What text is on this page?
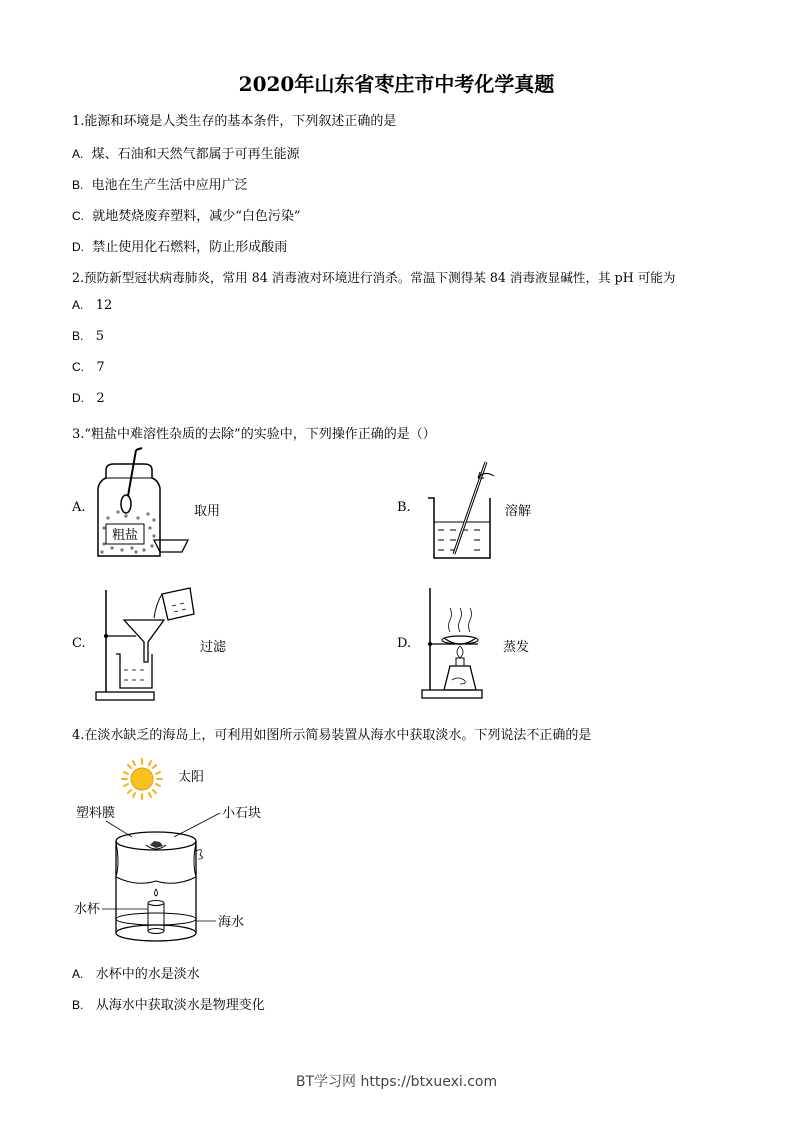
2020年山东省枣庄市中考化学真题
1.能源和环境是人类生存的基本条件，下列叙述正确的是
A. 煤、石油和天然气都属于可再生能源
B. 电池在生产生活中应用广泛
C. 就地焚烧废弃塑料，减少“白色污染”
D. 禁止使用化石燃料，防止形成酸雨
2.预防新型冠状病毒肺炎，常用 84 消毒液对环境进行消杀。常温下测得某 84 消毒液显碱性，其 pH 可能为
A. 12
B. 5
C. 7
D. 2
3.“粗盐中难溶性杂质的去除”的实验中，下列操作正确的是（）
A.	取用
粗盐
B.	溶解
C.	过滤	D.	蒸发
4.在淡水缺乏的海岛上，可利用如图所示简易装置从海水中获取淡水。下列说法不正确的是
太阳
塑料膜	小石块
水杯
海水
A. 水杯中的水是淡水
B. 从海水中获取淡水是物理变化
BT学习网 https://btxuexi.com
